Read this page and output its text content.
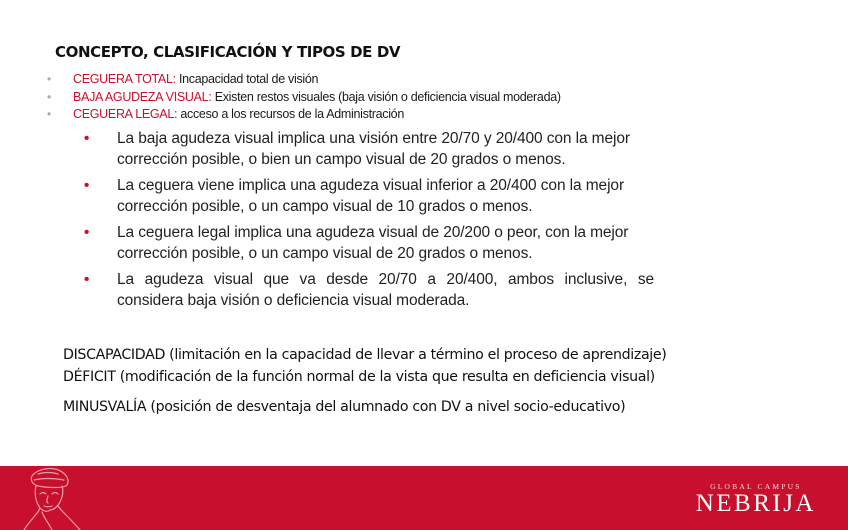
CONCEPTO, CLASIFICACIÓN Y TIPOS DE DV
• CEGUERA TOTAL: Incapacidad total de visión
• BAJA AGUDEZA VISUAL: Existen restos visuales (baja visión o deficiencia visual moderada)
• CEGUERA LEGAL: acceso a los recursos de la Administración
• La baja agudeza visual implica una visión entre 20/70 y 20/400 con la mejor corrección posible, o bien un campo visual de 20 grados o menos.
• La ceguera viene implica una agudeza visual inferior a 20/400 con la mejor corrección posible, o un campo visual de 10 grados o menos.
• La ceguera legal implica una agudeza visual de 20/200 o peor, con la mejor corrección posible, o un campo visual de 20 grados o menos.
• La agudeza visual que va desde 20/70 a 20/400, ambos inclusive, se considera baja visión o deficiencia visual moderada.
DISCAPACIDAD (limitación en la capacidad de llevar a término el proceso de aprendizaje)
DÉFICIT (modificación de la función normal de la vista que resulta en deficiencia visual)
MINUSVALÍA (posición de desventaja del alumnado con DV a nivel socio-educativo)
GLOBAL CAMPUS
NEBRIJA
